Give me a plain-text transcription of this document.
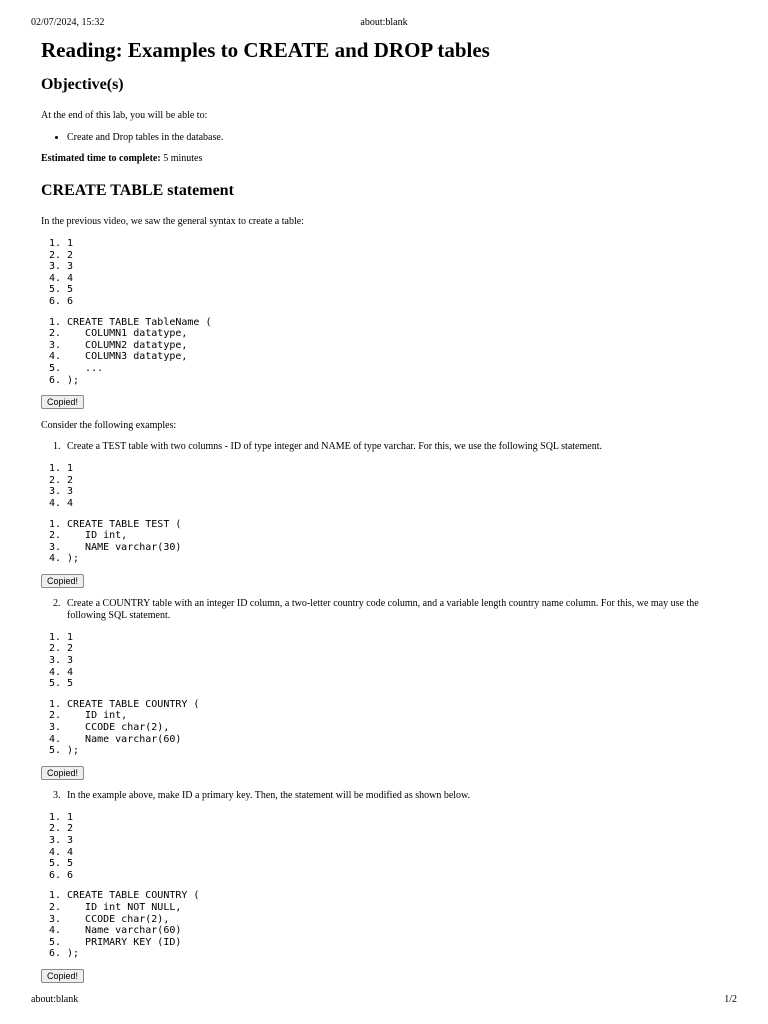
02/07/2024, 15:32	about:blank
Reading: Examples to CREATE and DROP tables
Objective(s)

At the end of this lab, you will be able to:

• Create and Drop tables in the database.

Estimated time to complete: 5 minutes

CREATE TABLE statement

In the previous video, we saw the general syntax to create a table:

1. 1
2. 2
3. 3
4. 4
5. 5
6. 6
1. CREATE TABLE TableName (
2.    COLUMN1 datatype,
3.    COLUMN2 datatype,
4.    COLUMN3 datatype,
5.    ...
6. );
Copied!

Consider the following examples:

1. Create a TEST table with two columns - ID of type integer and NAME of type varchar. For this, we use the following SQL statement.
1. 1
2. 2
3. 3
4. 4
1. CREATE TABLE TEST (
2.    ID int,
3.    NAME varchar(30)
4. );
Copied!
2. Create a COUNTRY table with an integer ID column, a two-letter country code column, and a variable length country name column. For this, we may use the following SQL statement.
1. 1
2. 2
3. 3
4. 4
5. 5
1. CREATE TABLE COUNTRY (
2.    ID int,
3.    CCODE char(2),
4.    Name varchar(60)
5. );
Copied!
3. In the example above, make ID a primary key. Then, the statement will be modified as shown below.
1. 1
2. 2
3. 3
4. 4
5. 5
6. 6
1. CREATE TABLE COUNTRY (
2.    ID int NOT NULL,
3.    CCODE char(2),
4.    Name varchar(60)
5.    PRIMARY KEY (ID)
6. );
Copied!
about:blank	1/2
